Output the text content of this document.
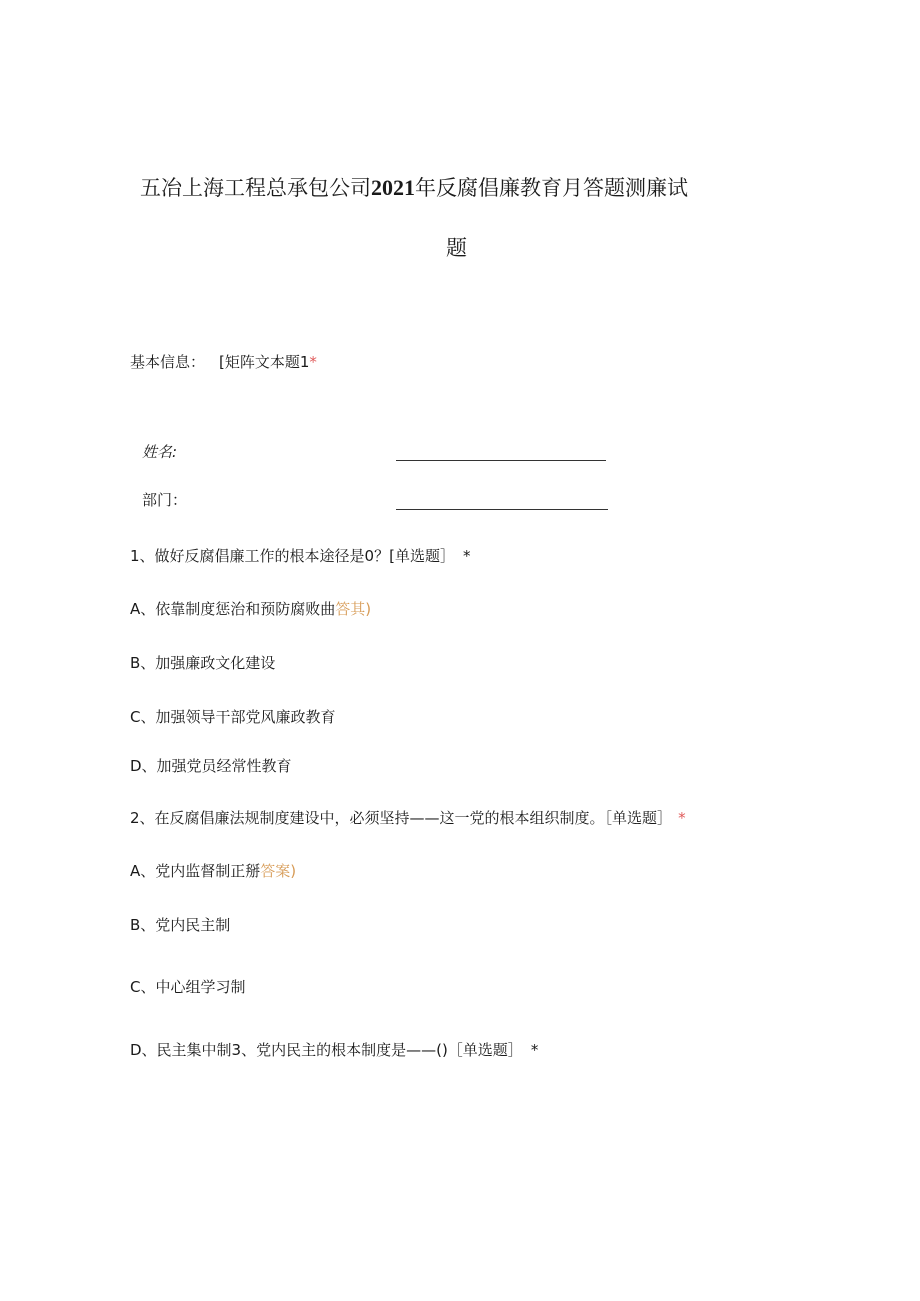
五冶上海工程总承包公司2021年反腐倡廉教育月答题测廉试
题
基本信息： [矩阵文本题1*
姓名:
部门：
1、做好反腐倡廉工作的根本途径是0？[单选题］ *
A、依靠制度惩治和预防腐败曲答其)
B、加强廉政文化建设
C、加强领导干部党风廉政教育
D、加强党员经常性教育
2、在反腐倡廉法规制度建设中，必须坚持——这一党的根本组织制度。［单选题］ *
A、党内监督制正掰答案)
B、党内民主制
C、中心组学习制
D、民主集中制3、党内民主的根本制度是——()［单选题］ *
